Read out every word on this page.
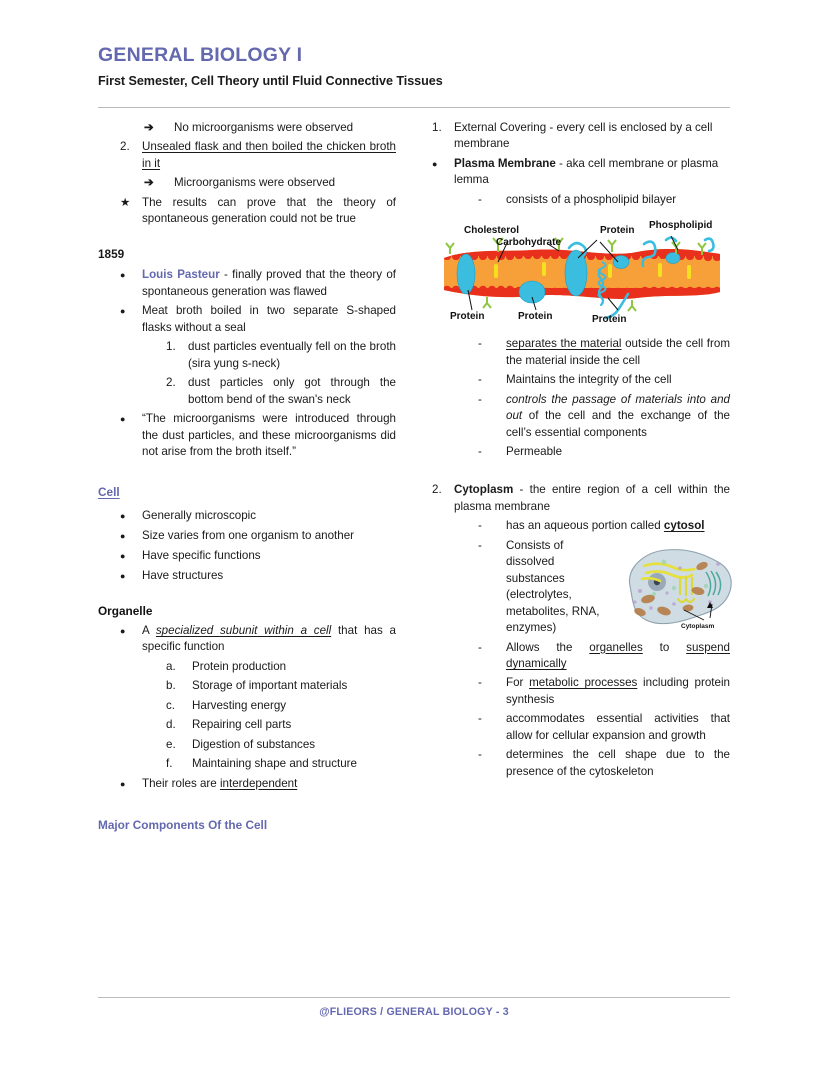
GENERAL BIOLOGY I
First Semester, Cell Theory until Fluid Connective Tissues
➔	No microorganisms were observed
2.	Unsealed flask and then boiled the chicken broth in it
➔	Microorganisms were observed
★ The results can prove that the theory of spontaneous generation could not be true
1859
●	Louis Pasteur - finally proved that the theory of spontaneous generation was flawed
●	Meat broth boiled in two separate S-shaped flasks without a seal
1.	dust particles eventually fell on the broth (sira yung s-neck)
2.	dust particles only got through the bottom bend of the swan's neck
●	“The microorganisms were introduced through the dust particles, and these microorganisms did not arise from the broth itself.”
Cell
●	Generally microscopic
●	Size varies from one organism to another
●	Have specific functions
●	Have structures
Organelle
●	A specialized subunit within a cell that has a specific function
a.	Protein production
b.	Storage of important materials
c.	Harvesting energy
d.	Repairing cell parts
e.	Digestion of substances
f.	Maintaining shape and structure
●	Their roles are interdependent
Major Components Of the Cell
1.	External Covering - every cell is enclosed by a cell membrane
●	Plasma Membrane - aka cell membrane or plasma lemma
-	consists of a phospholipid bilayer
Cholesterol
Carbohydrate
Protein Phospholipid
Protein	Protein	Protein
-	separates the material outside the cell from the material inside the cell
-	Maintains the integrity of the cell
-	controls the passage of materials into and out of the cell and the exchange of the cell’s essential components
-	Permeable
2.	Cytoplasm - the entire region of a cell within the plasma membrane
-	has an aqueous portion called cytosol
Cytoplasm
-	Consists of dissolved substances (electrolytes, metabolites, RNA, enzymes)
-	Allows the organelles to suspend dynamically
-	For metabolic processes including protein synthesis
-	accommodates essential activities that allow for cellular expansion and growth
-	determines the cell shape due to the presence of the cytoskeleton
@FLIEORS / GENERAL BIOLOGY - 3
